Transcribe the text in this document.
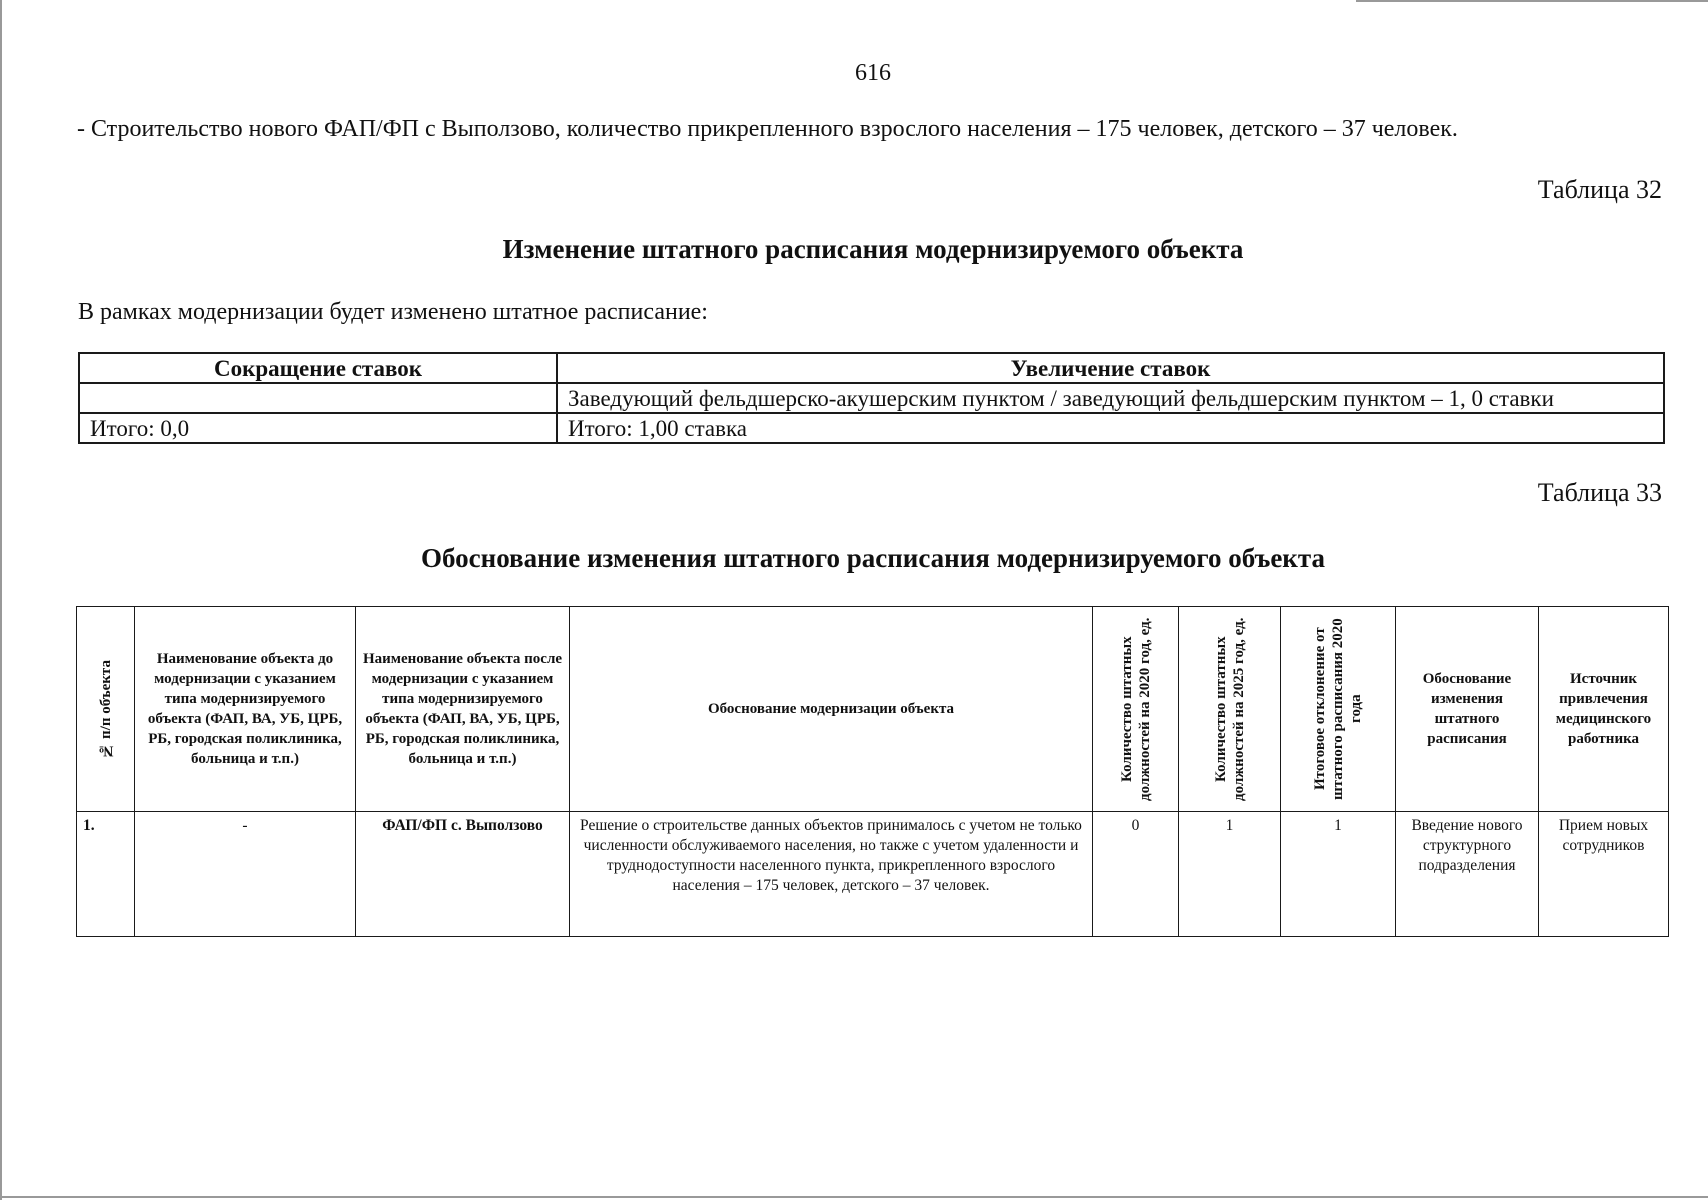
616
- Строительство нового ФАП/ФП с Выползово, количество прикрепленного взрослого населения – 175 человек, детского – 37 человек.
Таблица 32
Изменение штатного расписания модернизируемого объекта
В рамках модернизации будет изменено штатное расписание:
Сокращение ставок	Увеличение ставок
	Заведующий фельдшерско-акушерским пунктом / заведующий фельдшерским пунктом – 1, 0 ставки
Итого: 0,0	Итого: 1,00 ставка
Таблица 33
Обоснование изменения штатного расписания модернизируемого объекта
№ п/п объекта	Наименование объекта до модернизации с указанием типа модернизируемого объекта (ФАП, ВА, УБ, ЦРБ, РБ, городская поликлиника, больница и т.п.)	Наименование объекта после модернизации с указанием типа модернизируемого объекта (ФАП, ВА, УБ, ЦРБ, РБ, городская поликлиника, больница и т.п.)	Обоснование модернизации объекта	Количество штатных должностей на 2020 год, ед.	Количество штатных должностей на 2025 год, ед.	Итоговое отклонение от штатного расписания 2020 года	Обоснование изменения штатного расписания	Источник привлечения медицинского работника
1.	-	ФАП/ФП с. Выползово	Решение о строительстве данных объектов принималось с учетом не только численности обслуживаемого населения, но также с учетом удаленности и труднодоступности населенного пункта, прикрепленного взрослого населения – 175 человек, детского – 37 человек.	0	1	1	Введение нового структурного подразделения	Прием новых сотрудников
